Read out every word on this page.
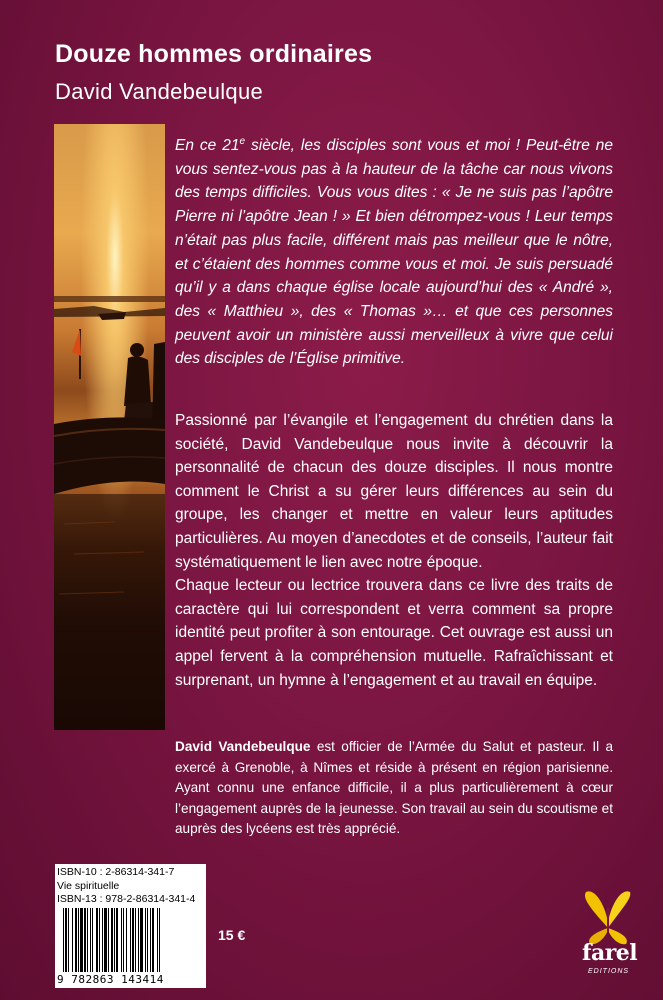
Douze hommes ordinaires
David Vandebeulque
En ce 21e siècle, les disciples sont vous et moi ! Peut-être ne vous sentez-vous pas à la hauteur de la tâche car nous vivons des temps difficiles. Vous vous dites : « Je ne suis pas l’apôtre Pierre ni l’apôtre Jean ! » Et bien détrompez-vous ! Leur temps n’était pas plus facile, différent mais pas meilleur que le nôtre, et c’étaient des hommes comme vous et moi. Je suis persuadé qu’il y a dans chaque église locale aujourd’hui des « André », des « Matthieu », des « Thomas »… et que ces personnes peuvent avoir un ministère aussi merveilleux à vivre que celui des disciples de l’Église primitive.
Passionné par l’évangile et l’engagement du chrétien dans la société, David Vandebeulque nous invite à découvrir la personnalité de chacun des douze disciples. Il nous montre comment le Christ a su gérer leurs différences au sein du groupe, les changer et mettre en valeur leurs aptitudes particulières. Au moyen d’anecdotes et de conseils, l’auteur fait systématiquement le lien avec notre époque.
Chaque lecteur ou lectrice trouvera dans ce livre des traits de caractère qui lui correspondent et verra comment sa propre identité peut profiter à son entourage. Cet ouvrage est aussi un appel fervent à la compréhension mutuelle. Rafraîchissant et surprenant, un hymne à l’engagement et au travail en équipe.
David Vandebeulque est officier de l’Armée du Salut et pasteur. Il a exercé à Grenoble, à Nîmes et réside à présent en région parisienne. Ayant connu une enfance difficile, il a plus particulièrement à cœur l’engagement auprès de la jeunesse. Son travail au sein du scoutisme et auprès des lycéens est très apprécié.
ISBN-10 : 2-86314-341-7
Vie spirituelle
ISBN-13 : 978-2-86314-341-4
9 782863 143414
15 €
farel
EDITIONS
